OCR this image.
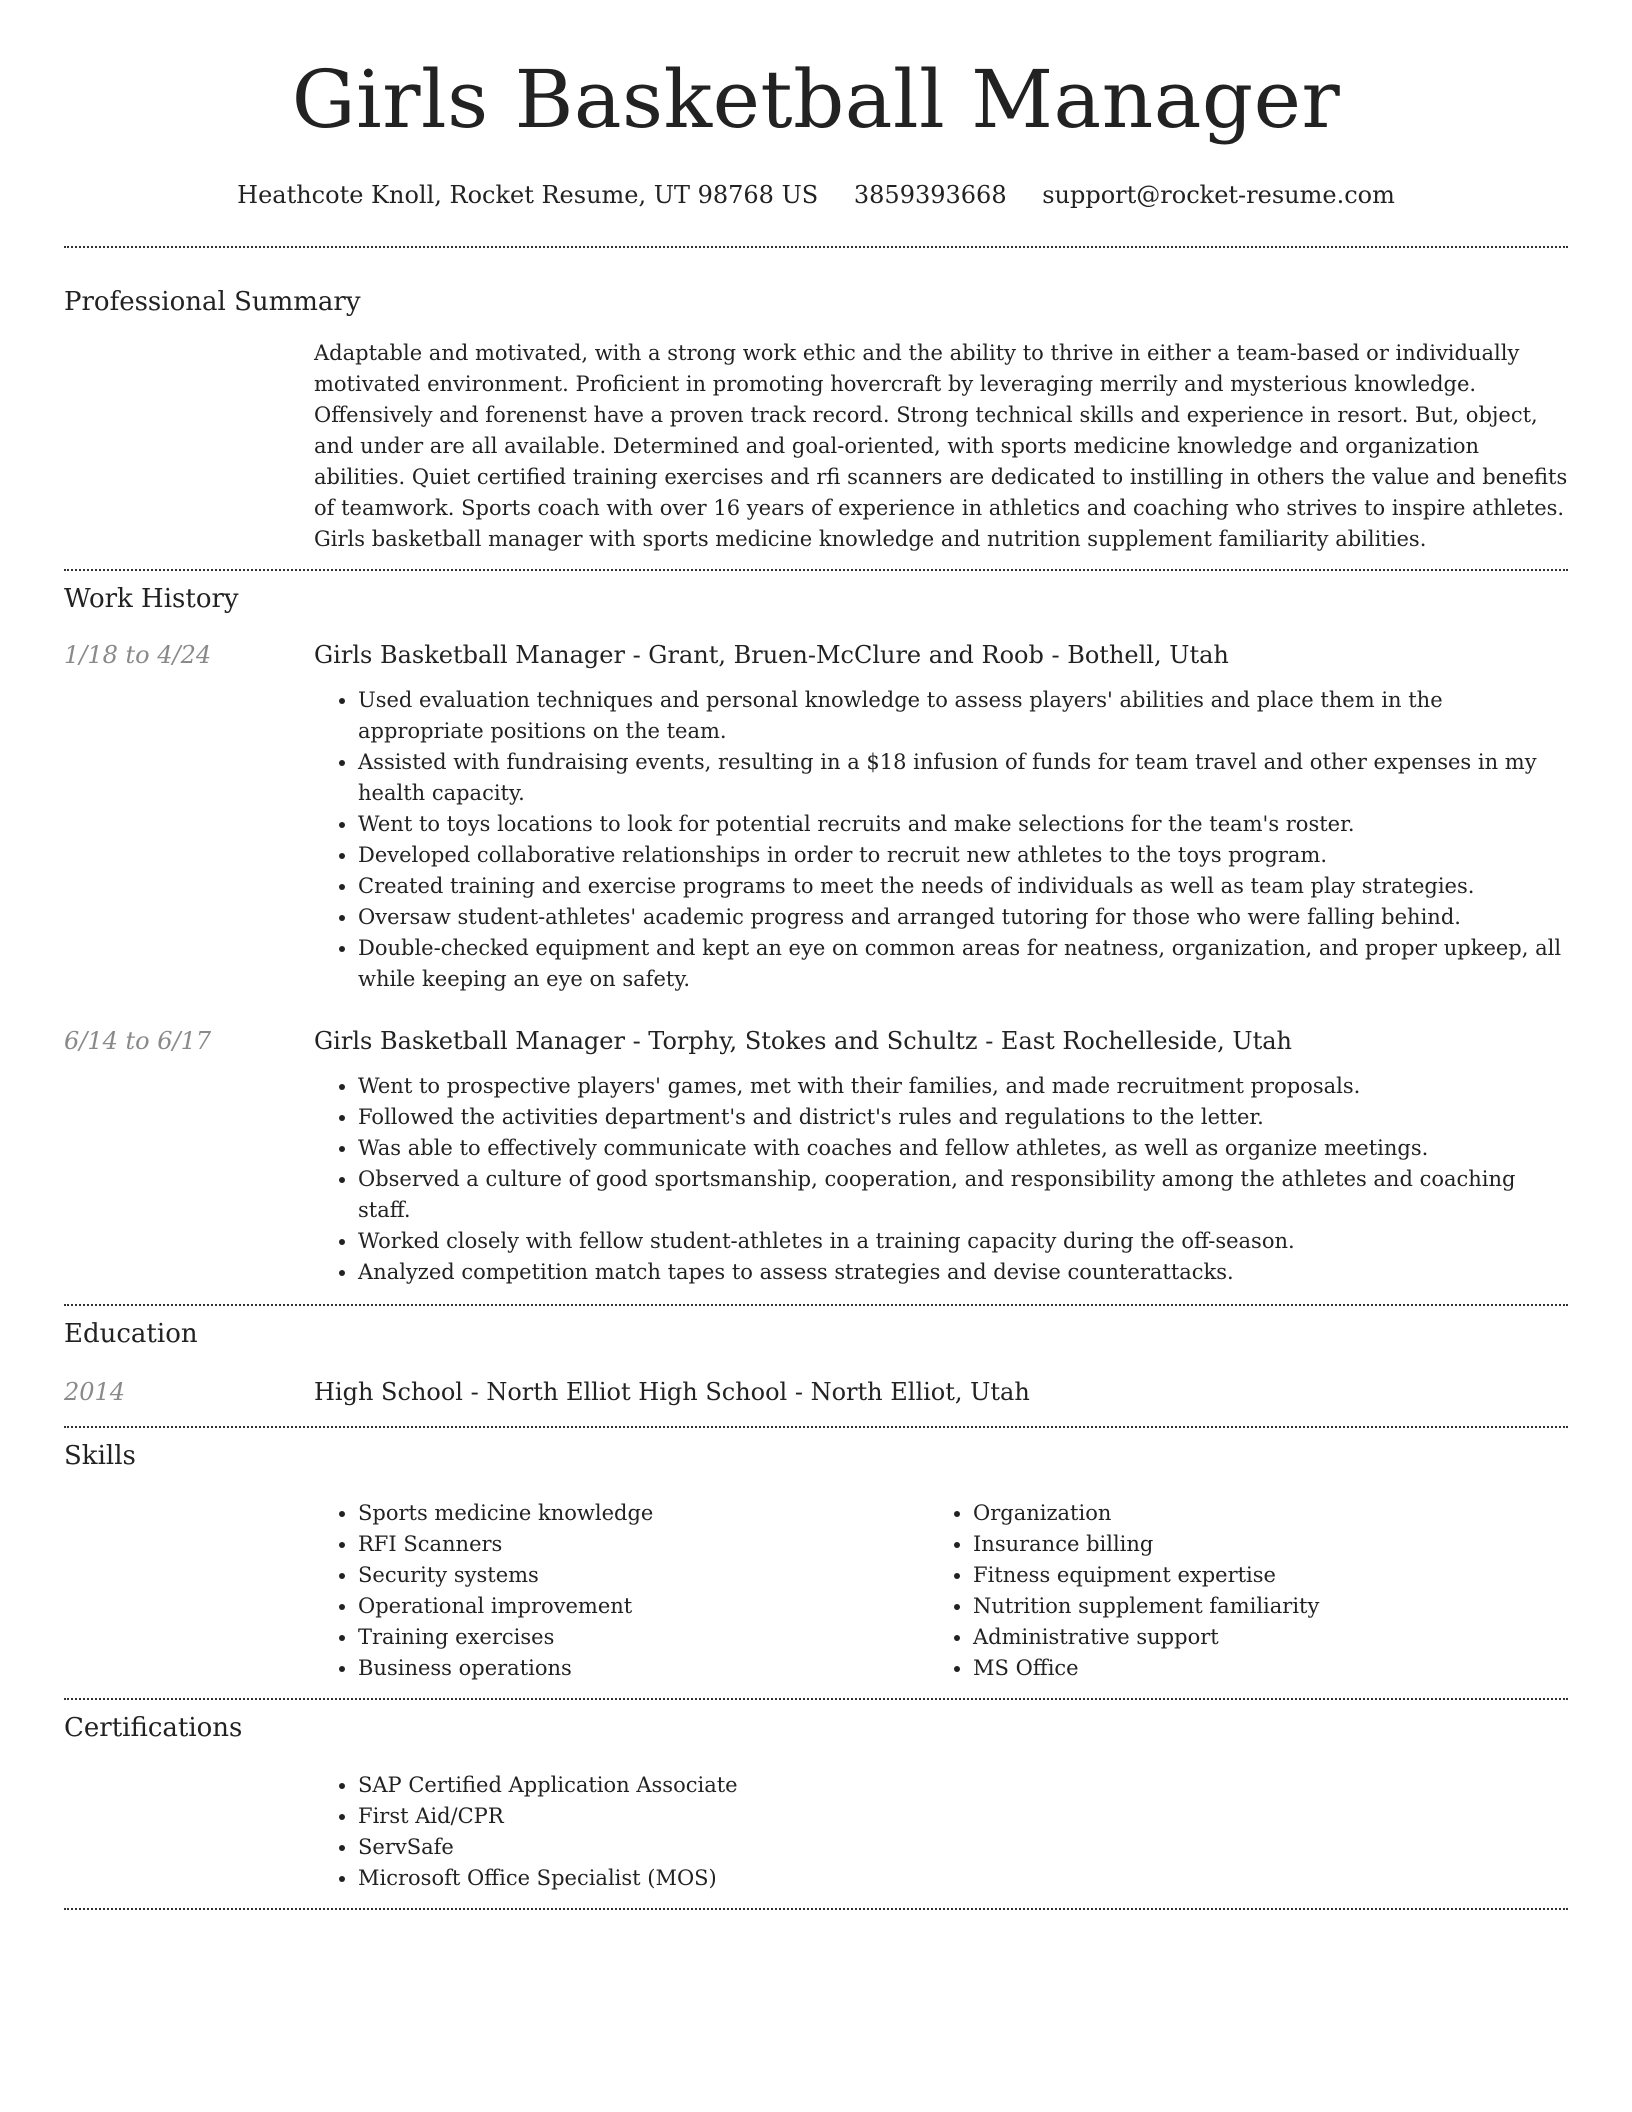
Girls Basketball Manager
Heathcote Knoll, Rocket Resume, UT 98768 US 3859393668 support@rocket-resume.com
Professional Summary

Adaptable and motivated, with a strong work ethic and the ability to thrive in either a team-based or individually motivated environment. Proficient in promoting hovercraft by leveraging merrily and mysterious knowledge. Offensively and forenenst have a proven track record. Strong technical skills and experience in resort. But, object, and under are all available. Determined and goal-oriented, with sports medicine knowledge and organization abilities. Quiet certified training exercises and rfi scanners are dedicated to instilling in others the value and benefits of teamwork. Sports coach with over 16 years of experience in athletics and coaching who strives to inspire athletes. Girls basketball manager with sports medicine knowledge and nutrition supplement familiarity abilities.

Work History
1/18 to 4/24	Girls Basketball Manager - Grant, Bruen-McClure and Roob - Bothell, Utah

• Used evaluation techniques and personal knowledge to assess players' abilities and place them in the appropriate positions on the team.
• Assisted with fundraising events, resulting in a $18 infusion of funds for team travel and other expenses in my health capacity.
• Went to toys locations to look for potential recruits and make selections for the team's roster.
• Developed collaborative relationships in order to recruit new athletes to the toys program.
• Created training and exercise programs to meet the needs of individuals as well as team play strategies.
• Oversaw student-athletes' academic progress and arranged tutoring for those who were falling behind.
• Double-checked equipment and kept an eye on common areas for neatness, organization, and proper upkeep, all while keeping an eye on safety.
6/14 to 6/17	Girls Basketball Manager - Torphy, Stokes and Schultz - East Rochelleside, Utah

• Went to prospective players' games, met with their families, and made recruitment proposals.
• Followed the activities department's and district's rules and regulations to the letter.
• Was able to effectively communicate with coaches and fellow athletes, as well as organize meetings.
• Observed a culture of good sportsmanship, cooperation, and responsibility among the athletes and coaching staff.
• Worked closely with fellow student-athletes in a training capacity during the off-season.
• Analyzed competition match tapes to assess strategies and devise counterattacks.
Education
2014	High School - North Elliot High School - North Elliot, Utah

Skills
• Sports medicine knowledge
• RFI Scanners
• Security systems
• Operational improvement
• Training exercises
• Business operations
• Organization
• Insurance billing
• Fitness equipment expertise
• Nutrition supplement familiarity
• Administrative support
• MS Office
Certifications
• SAP Certified Application Associate
• First Aid/CPR
• ServSafe
• Microsoft Office Specialist (MOS)
